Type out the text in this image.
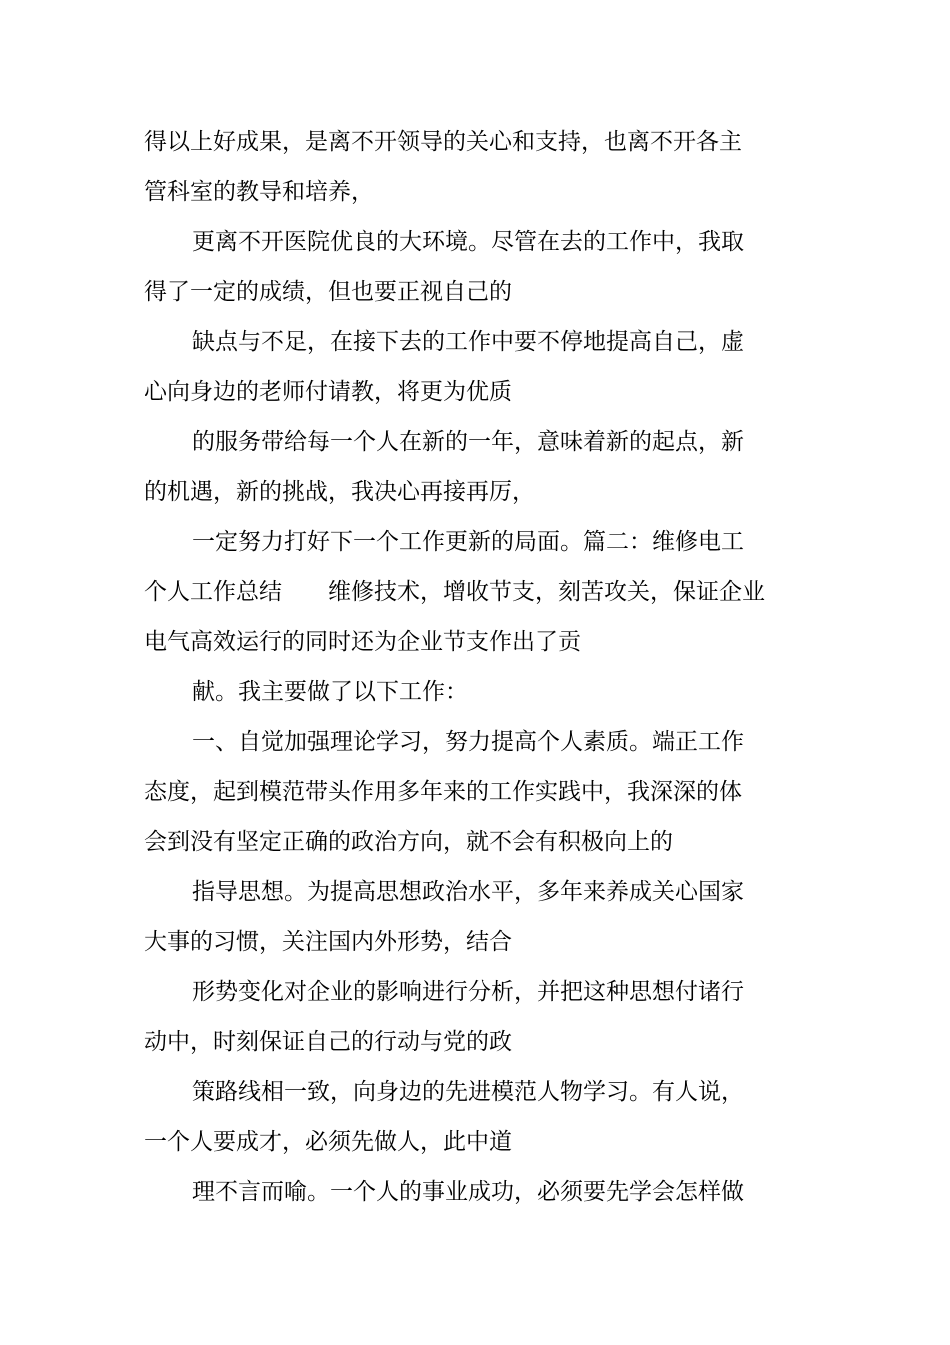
得以上好成果，是离不开领导的关心和支持，也离不开各主
管科室的教导和培养，
更离不开医院优良的大环境。尽管在去的工作中，我取
得了一定的成绩，但也要正视自己的
缺点与不足，在接下去的工作中要不停地提高自己，虚
心向身边的老师付请教，将更为优质
的服务带给每一个人在新的一年，意味着新的起点，新
的机遇，新的挑战，我决心再接再厉，
一定努力打好下一个工作更新的局面。篇二：维修电工
个人工作总结　　维修技术，增收节支，刻苦攻关，保证企业
电气高效运行的同时还为企业节支作出了贡
献。我主要做了以下工作：
一、自觉加强理论学习，努力提高个人素质。端正工作
态度，起到模范带头作用多年来的工作实践中，我深深的体
会到没有坚定正确的政治方向，就不会有积极向上的
指导思想。为提高思想政治水平，多年来养成关心国家
大事的习惯，关注国内外形势，结合
形势变化对企业的影响进行分析，并把这种思想付诸行
动中，时刻保证自己的行动与党的政
策路线相一致，向身边的先进模范人物学习。有人说，
一个人要成才，必须先做人，此中道
理不言而喻。一个人的事业成功，必须要先学会怎样做
